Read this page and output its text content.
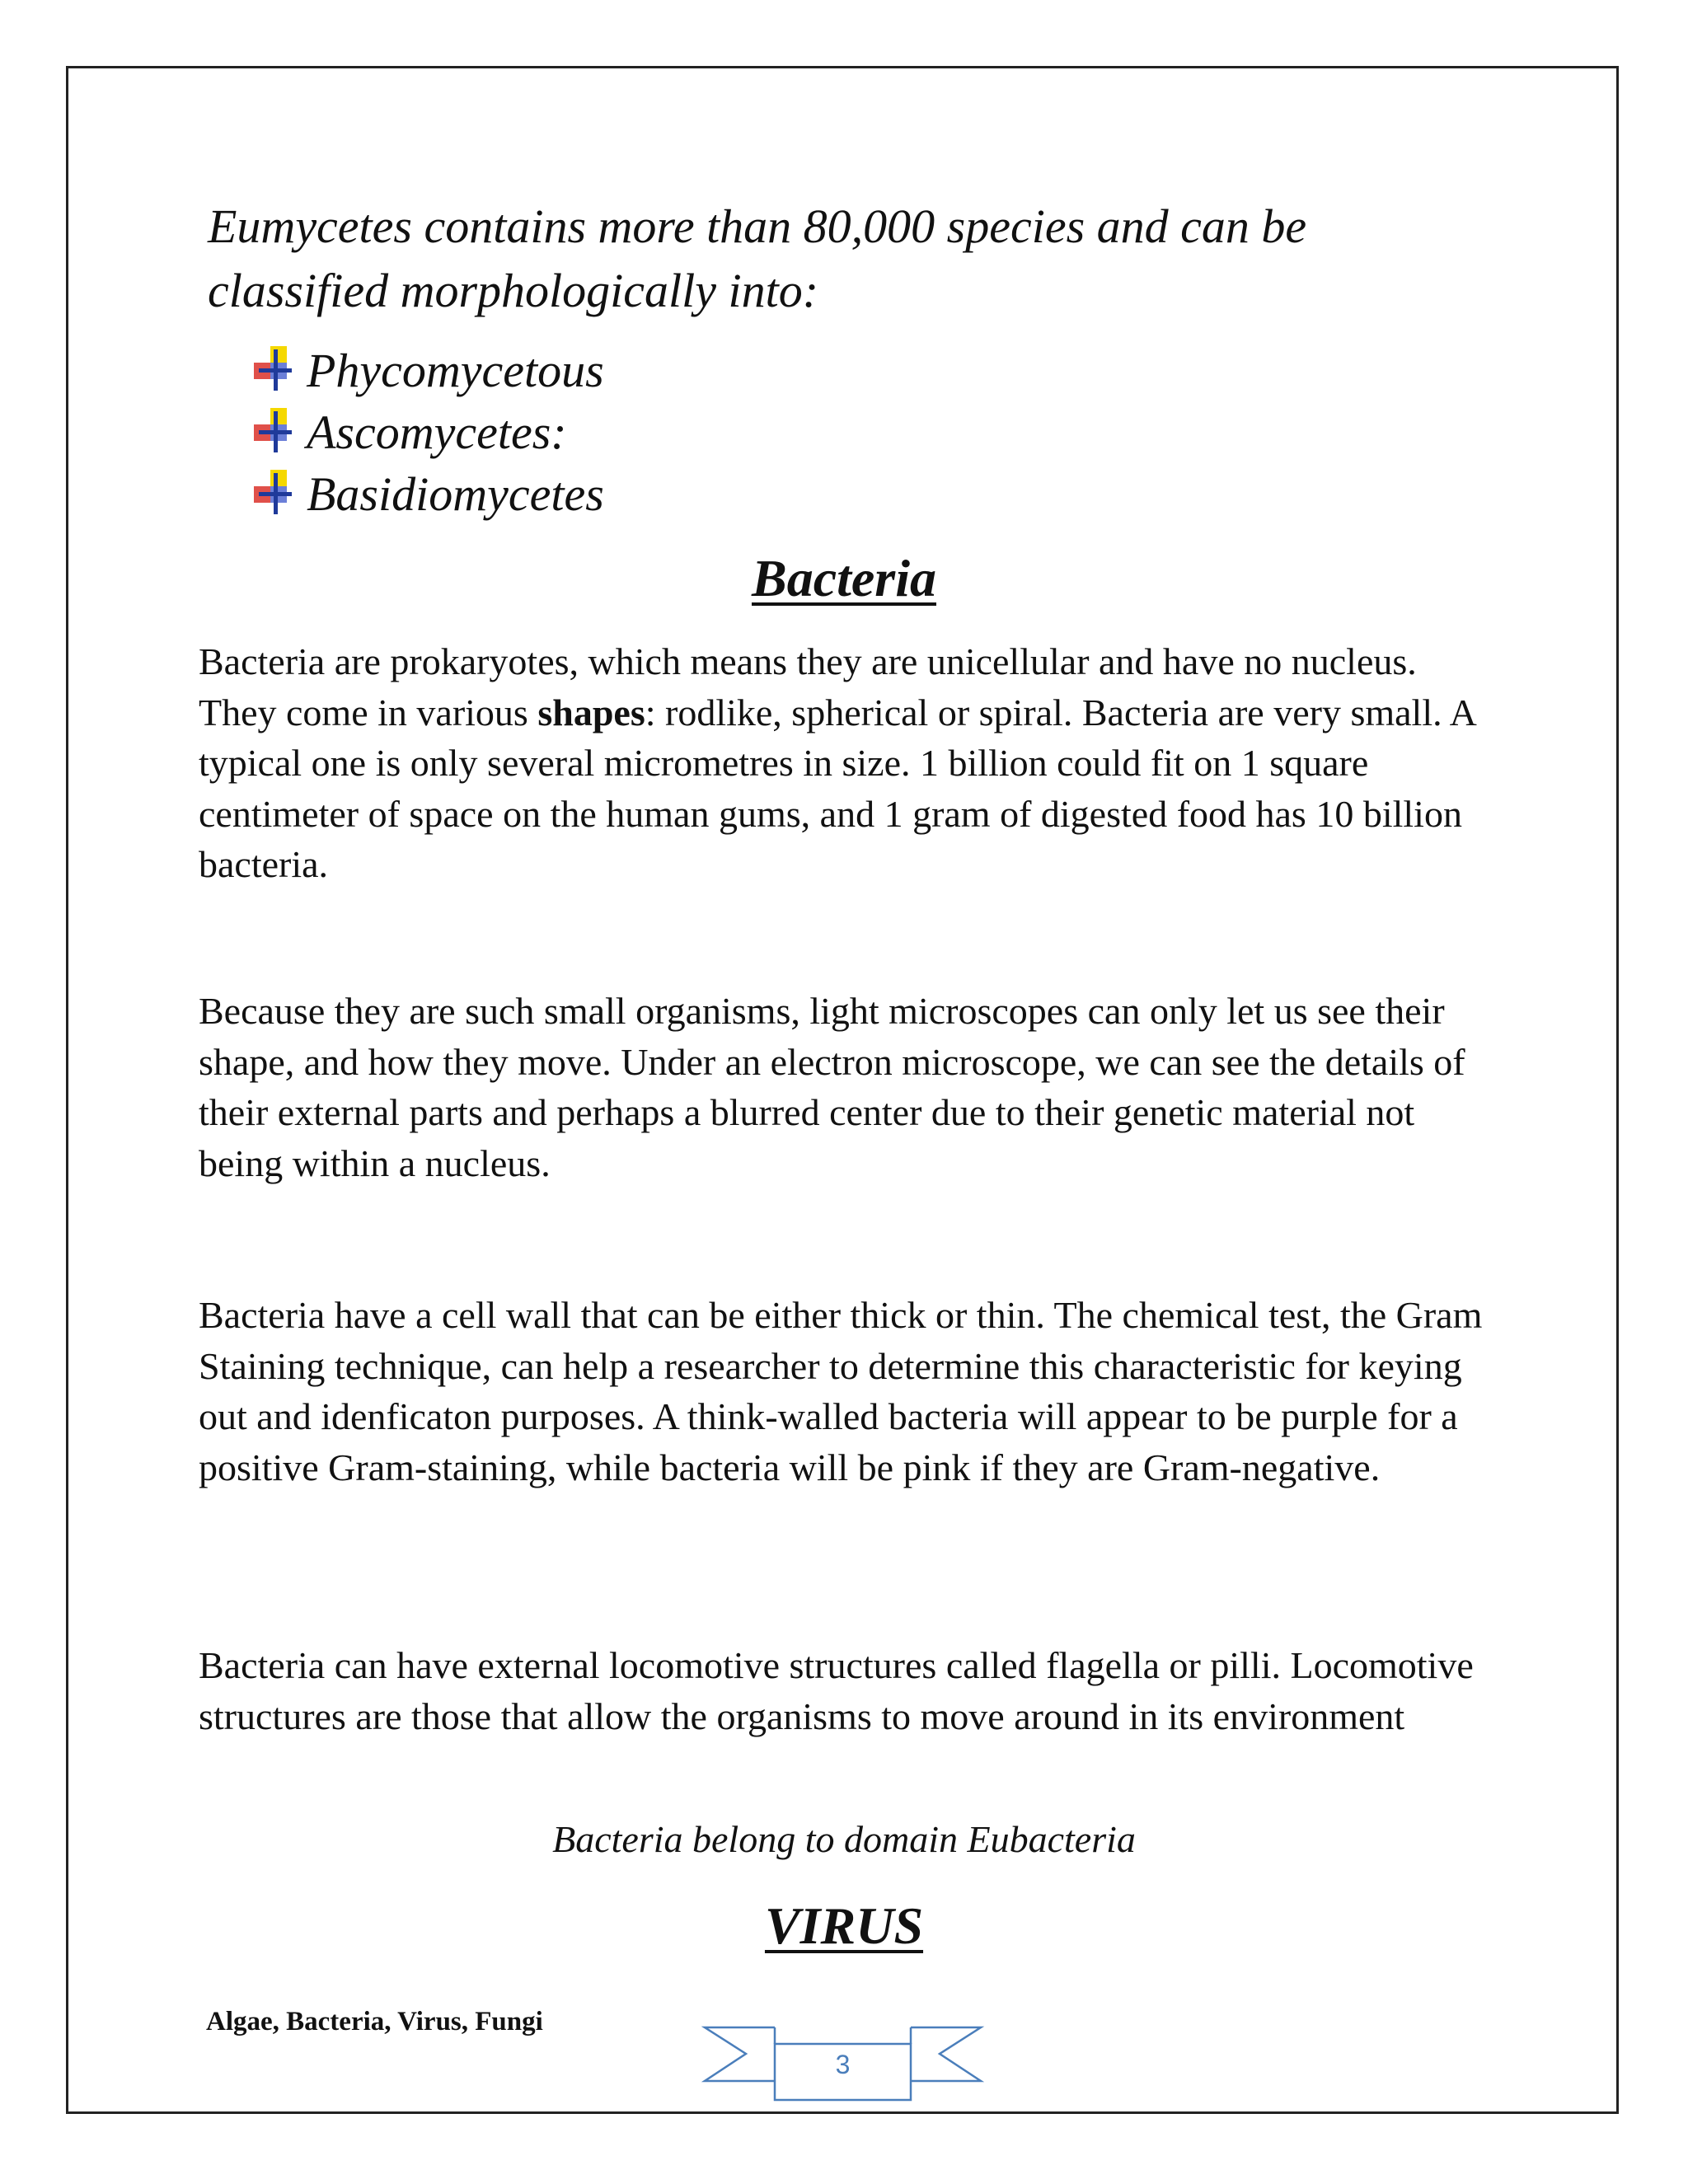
Eumycetes contains more than 80,000 species and can be classified morphologically into:
Phycomycetous
Ascomycetes:
Basidiomycetes
Bacteria
Bacteria are prokaryotes, which means they are unicellular and have no nucleus. They come in various shapes: rodlike, spherical or spiral. Bacteria are very small. A typical one is only several micrometres in size. 1 billion could fit on 1 square centimeter of space on the human gums, and 1 gram of digested food has 10 billion bacteria.
Because they are such small organisms, light microscopes can only let us see their shape, and how they move. Under an electron microscope, we can see the details of their external parts and perhaps a blurred center due to their genetic material not being within a nucleus.
Bacteria have a cell wall that can be either thick or thin. The chemical test, the Gram Staining technique, can help a researcher to determine this characteristic for keying out and idenficaton purposes. A think-walled bacteria will appear to be purple for a positive Gram-staining, while bacteria will be pink if they are Gram-negative.
Bacteria can have external locomotive structures called flagella or pilli. Locomotive structures are those that allow the organisms to move around in its environment
Bacteria belong to domain Eubacteria
VIRUS
Algae, Bacteria, Virus, Fungi
3
